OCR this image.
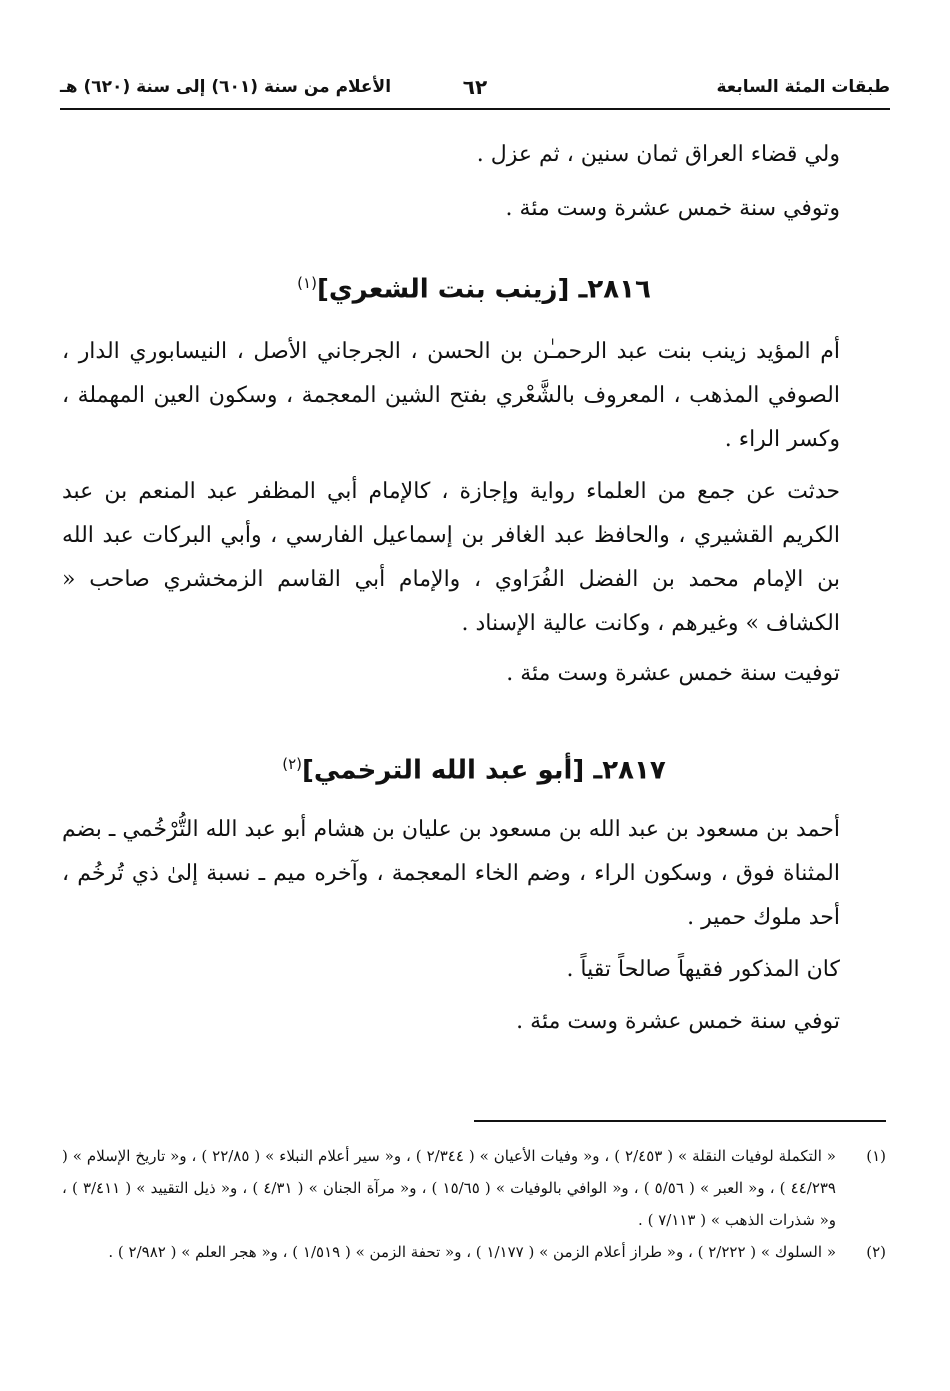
طبقات المئة السابعة
٦٢
الأعلام من سنة (٦٠١) إلى سنة (٦٢٠) هـ

ولي قضاء العراق ثمان سنين ، ثم عزل .

وتوفي سنة خمس عشرة وست مئة .

٢٨١٦ـ [زينب بنت الشعري]$^{(١)}$

أم المؤيد زينب بنت عبد الرحمـٰن بن الحسن ، الجرجاني الأصل ، النيسابوري الدار ، الصوفي المذهب ، المعروف بالشَّعْري بفتح الشين المعجمة ، وسكون العين المهملة ، وكسر الراء .

حدثت عن جمع من العلماء رواية وإجازة ، كالإمام أبي المظفر عبد المنعم بن عبد الكريم القشيري ، والحافظ عبد الغافر بن إسماعيل الفارسي ، وأبي البركات عبد الله بن الإمام محمد بن الفضل الفُرَاوي ، والإمام أبي القاسم الزمخشري صاحب « الكشاف » وغيرهم ، وكانت عالية الإسناد .

توفيت سنة خمس عشرة وست مئة .

٢٨١٧ـ [أبو عبد الله الترخمي]$^{(٢)}$

أحمد بن مسعود بن عبد الله بن مسعود بن عليان بن هشام أبو عبد الله التُّرْخُمي ـ بضم المثناة فوق ، وسكون الراء ، وضم الخاء المعجمة ، وآخره ميم ـ نسبة إلىٰ ذي تُرخُم ، أحد ملوك حمير .

كان المذكور فقيهاً صالحاً تقياً .

توفي سنة خمس عشرة وست مئة .

(١)
« التكملة لوفيات النقلة » ( ٢/٤٥٣ ) ، و« وفيات الأعيان » ( ٢/٣٤٤ ) ، و« سير أعلام النبلاء » ( ٢٢/٨٥ ) ، و« تاريخ الإسلام » ( ٤٤/٢٣٩ ) ، و« العبر » ( ٥/٥٦ ) ، و« الوافي بالوفيات » ( ١٥/٦٥ ) ، و« مرآة الجنان » ( ٤/٣١ ) ، و« ذيل التقييد » ( ٣/٤١١ ) ، و« شذرات الذهب » ( ٧/١١٣ ) .

(٢)
« السلوك » ( ٢/٢٢٢ ) ، و« طراز أعلام الزمن » ( ١/١٧٧ ) ، و« تحفة الزمن » ( ١/٥١٩ ) ، و« هجر العلم » ( ٢/٩٨٢ ) .
